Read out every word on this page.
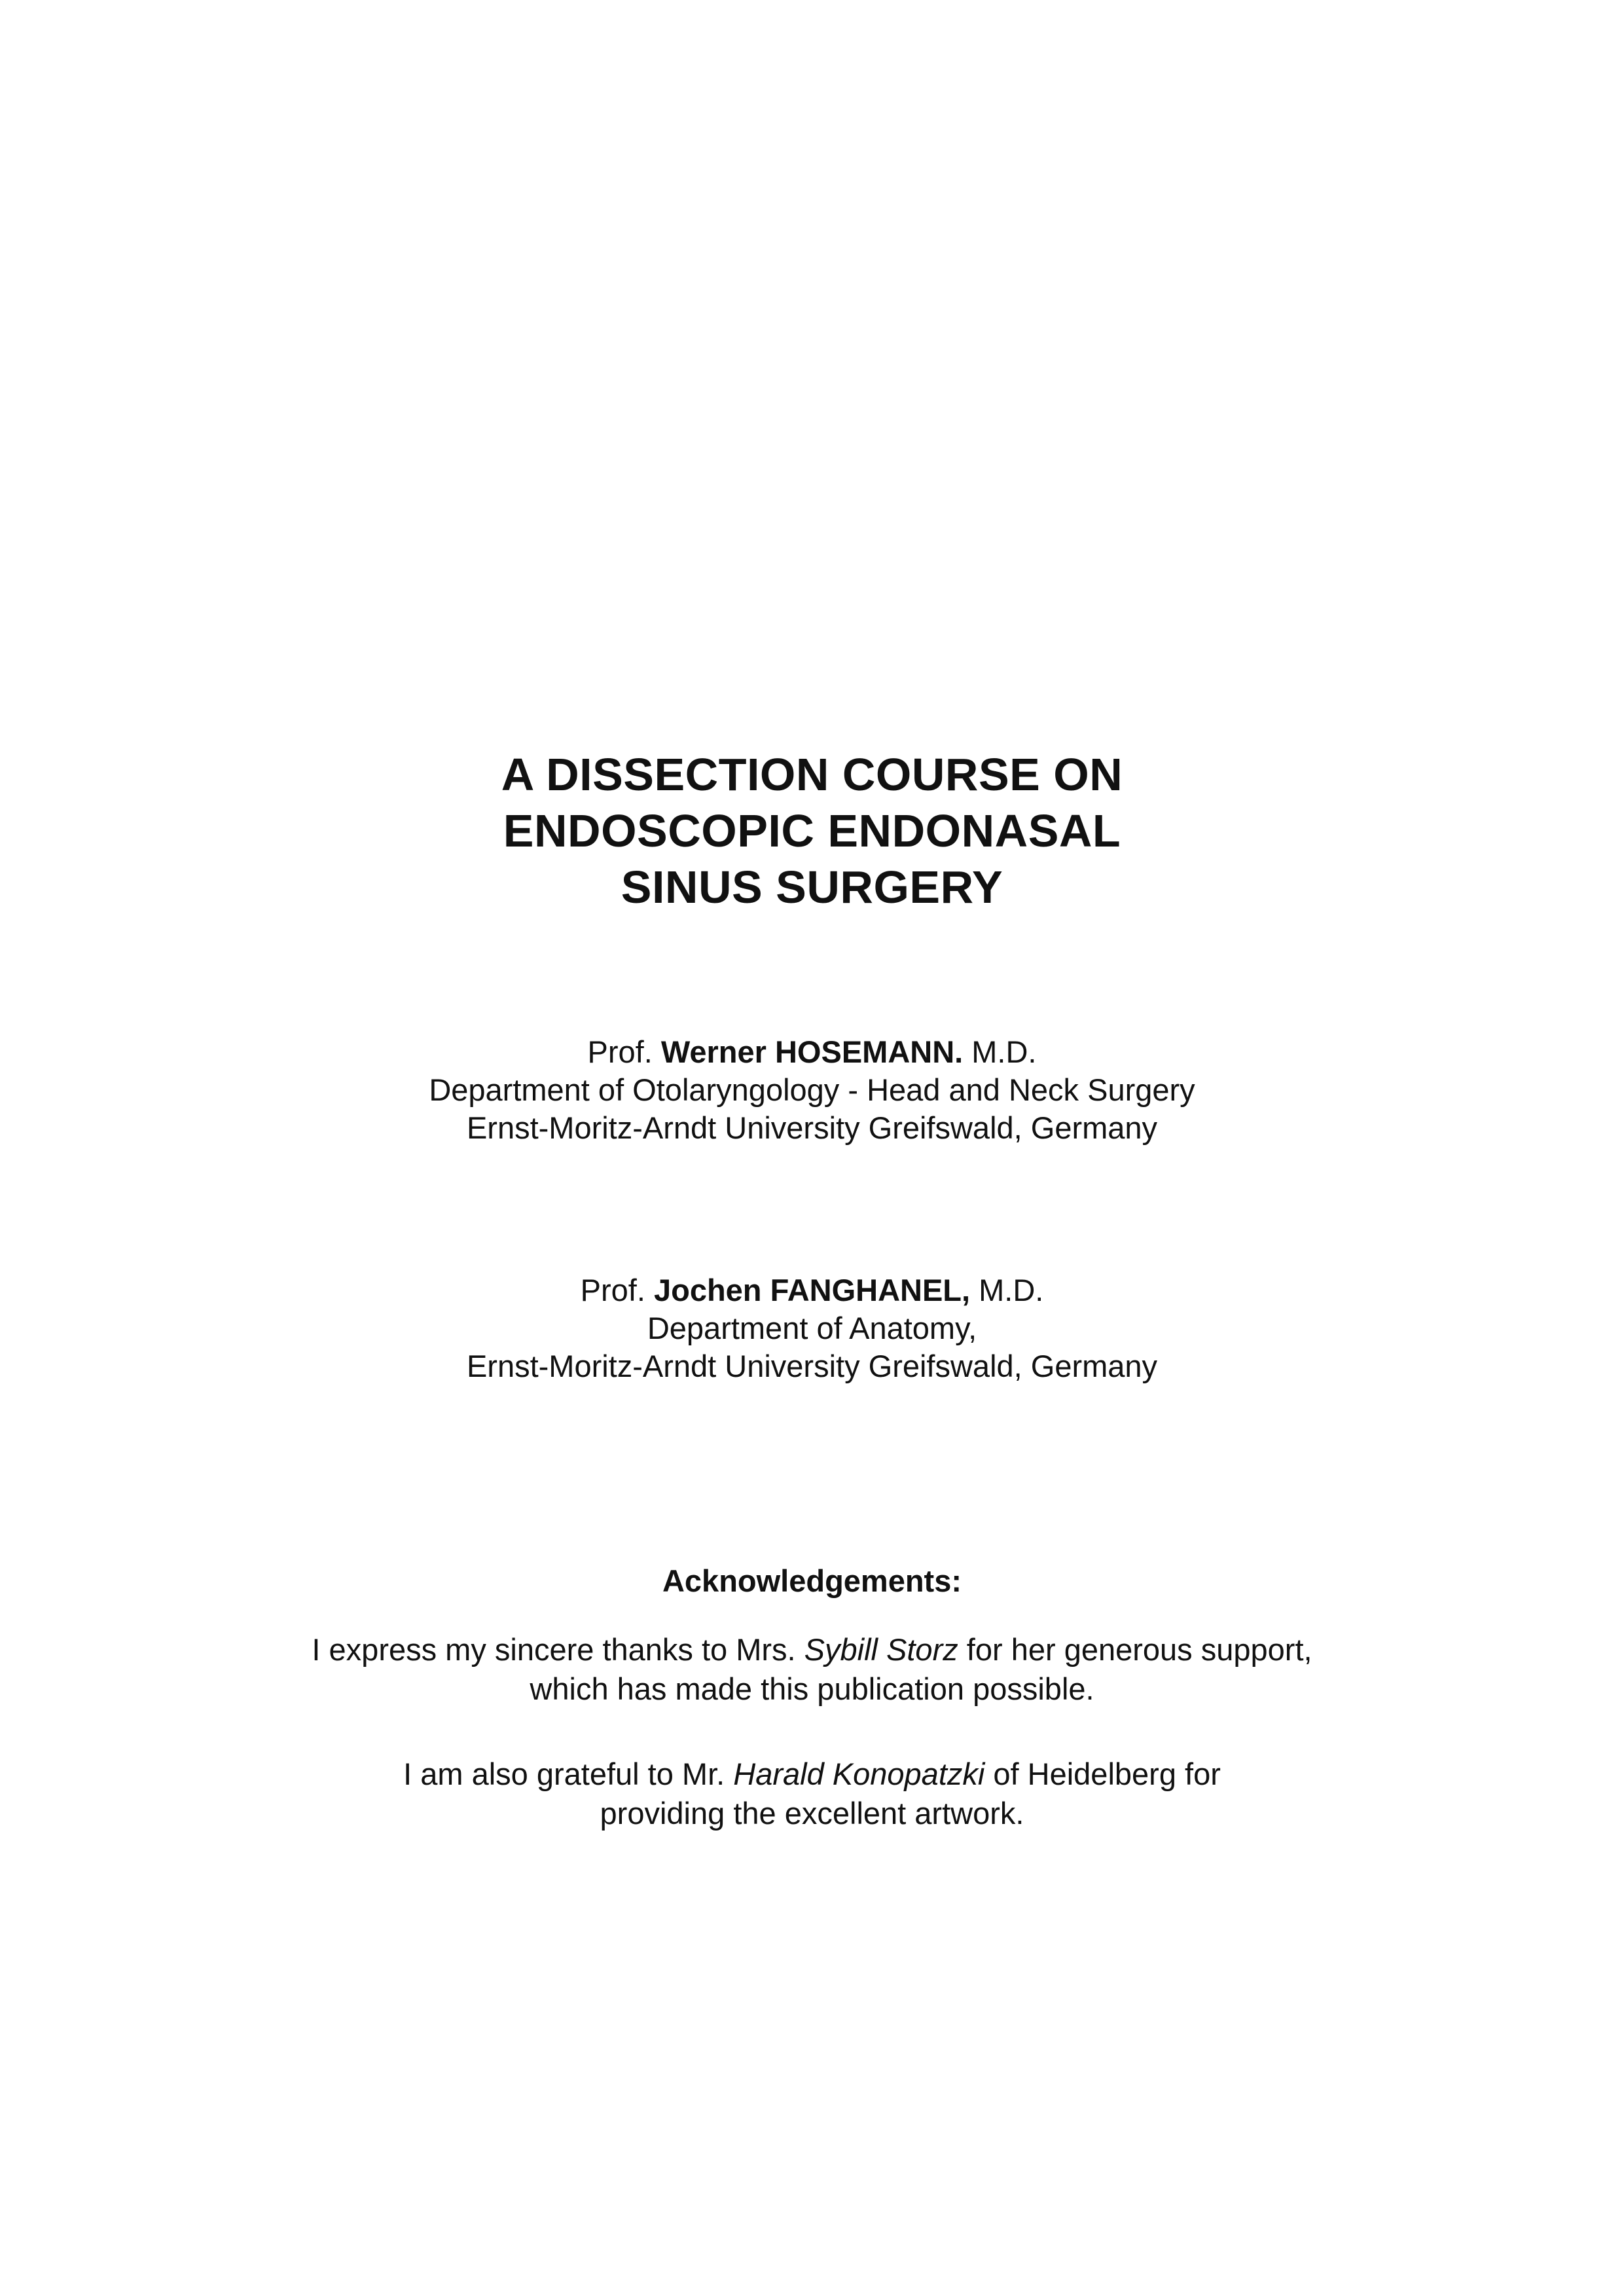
A DISSECTION COURSE ON
ENDOSCOPIC ENDONASAL
SINUS SURGERY
Prof. Werner HOSEMANN. M.D.
Department of Otolaryngology - Head and Neck Surgery
Ernst-Moritz-Arndt University Greifswald, Germany
Prof. Jochen FANGHANEL, M.D.
Department of Anatomy,
Ernst-Moritz-Arndt University Greifswald, Germany
Acknowledgements:
I express my sincere thanks to Mrs. Sybill Storz for her generous support,
which has made this publication possible.
I am also grateful to Mr. Harald Konopatzki of Heidelberg for
providing the excellent artwork.
